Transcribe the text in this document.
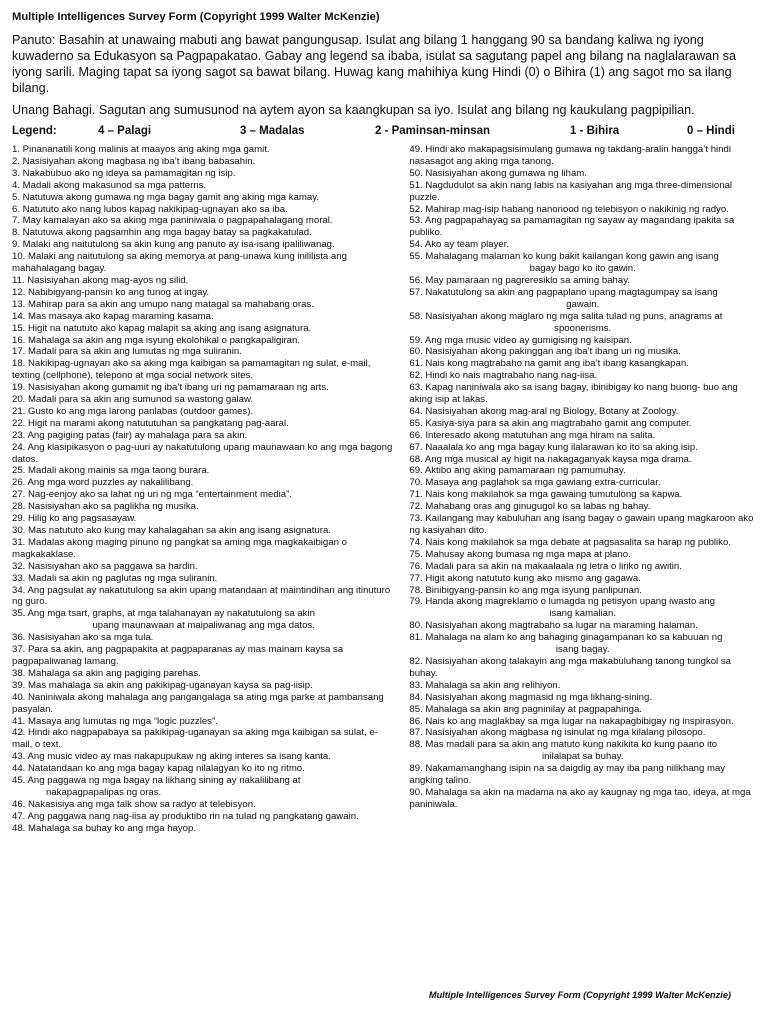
Multiple Intelligences Survey Form (Copyright 1999 Walter McKenzie)
Panuto: Basahin at unawaing mabuti ang bawat pangungusap. Isulat ang bilang 1 hanggang 90 sa bandang kaliwa ng iyong kuwaderno sa Edukasyon sa Pagpapakatao. Gabay ang legend sa ibaba, isulat sa sagutang papel ang bilang na naglalarawan sa iyong sarili. Maging tapat sa iyong sagot sa bawat bilang. Huwag kang mahihiya kung Hindi (0) o Bihira (1) ang sagot mo sa ilang bilang.
Unang Bahagi. Sagutan ang sumusunod na aytem ayon sa kaangkupan sa iyo. Isulat ang bilang ng kaukulang pagpipilian.
Legend:	4 – Palagi	3 – Madalas	2 - Paminsan-minsan	1 - Bihira	0 – Hindi
1. Pinananatili kong malinis at maayos ang aking mga gamit.
2. Nasisiyahan akong magbasa ng iba’t ibang babasahin.
3. Nakabubuo ako ng ideya sa pamamagitan ng isip.
4. Madali akong makasunod sa mga patterns.
5. Natutuwa akong gumawa ng mga bagay gamit ang aking mga kamay.
6. Natututo ako nang lubos kapag nakikipag-ugnayan ako sa iba.
7. May kamalayan ako sa aking mga paniniwala o pagpapahalagang moral.
8. Natutuwa akong pagsamhin ang mga bagay batay sa pagkakatulad.
9. Malaki ang naitutulong sa akin kung ang panuto ay isa-isang ipaliliwanag.
10. Malaki ang naitutulong sa aking memorya at pang-unawa kung inililista ang mahahalagang bagay.
11. Nasisiyahan akong mag-ayos ng silid.
12. Nabibigyang-pansin ko ang tunog at ingay.
13. Mahirap para sa akin ang umupo nang matagal sa mahabang oras.
14. Mas masaya ako kapag maraming kasama.
15. Higit na natututo ako kapag malapit sa aking ang isang asignatura.
16. Mahalaga sa akin ang mga isyung ekolohikal o pangkapaligiran.
17. Madali para sa akin ang lumutas ng mga suliranin.
18. Nakikipag-ugnayan ako sa aking mga kaibigan sa pamamagitan ng sulat, e-mail, texting (cellphone), telepono at mga social network sites.
19. Nasisiyahan akong gumamit ng iba’t ibang uri ng pamamaraan ng arts.
20. Madali para sa akin ang sumunod sa wastong galaw.
21. Gusto ko ang mga larong panlabas (outdoor games).
22. Higit na marami akong natututuhan sa pangkatang pag-aaral.
23. Ang pagiging patas (fair) ay mahalaga para sa akin.
24. Ang klasipikasyon o pag-uuri ay nakatutulong upang maunawaan ko ang mga bagong datos.
25. Madali akong mainis sa mga taong burara.
26. Ang mga word puzzles ay nakalilibang.
27. Nag-eenjoy ako sa lahat ng uri ng mga “entertainment media”.
28. Nasisiyahan ako sa paglikha ng musika.
29. Hilig ko ang pagsasayaw.
30. Mas natututo ako kung may kahalagahan sa akin ang isang asignatura.
31. Madalas akong maging pinuno ng pangkat sa aming mga magkakaibigan o magkakaklase.
32. Nasisiyahan ako sa paggawa sa hardin.
33. Madali sa akin ng paglutas ng mga suliranin.
34. Ang pagsulat ay nakatutulong sa akin upang matandaan at maintindihan ang itinuturo ng guro.
35. Ang mga tsart, graphs, at mga talahanayan ay nakatutulong sa akin
upang maunawaan at maipaliwanag ang mga datos.
36. Nasisiyahan ako sa mga tula.
37. Para sa akin, ang pagpapakita at pagpaparanas ay mas mainam kaysa sa pagpapaliwanag lamang.
38. Mahalaga sa akin ang pagiging parehas.
39. Mas mahalaga sa akin ang pakikipag-uganayan kaysa sa pag-iisip.
40. Naniniwala akong mahalaga ang pangangalaga sa ating mga parke at pambansang pasyalan.
41. Masaya ang lumutas ng mga “logic puzzles”.
42. Hindi ako nagpapabaya sa pakikipag-uganayan sa aking mga kaibigan sa sulat, e-mail, o text.
43. Ang music video ay mas nakapupukaw ng aking interes sa isang kanta.
44. Natatandaan ko ang mga bagay kapag nilalagyan ko ito ng ritmo.
45. Ang paggawa ng mga bagay na likhang sining ay nakalilibang at
nakapagpapalipas ng oras.
46. Nakasisiya ang mga talk show sa radyo at telebisyon.
47. Ang paggawa nang nag-iisa ay produktibo rin na tulad ng pangkatang gawain.
48. Mahalaga sa buhay ko ang mga hayop.
49. Hindi ako makapagsisimulang gumawa ng takdang-aralin hangga’t hindi nasasagot ang aking mga tanong.
50. Nasisiyahan akong gumawa ng liham.
51. Nagdudulot sa akin nang labis na kasiyahan ang mga three-dimensional puzzle.
52. Mahirap mag-isip habang nanonood ng telebisyon o nakikinig ng radyo.
53. Ang pagpapahayag sa pamamagitan ng sayaw ay magandang ipakita sa publiko.
54. Ako ay team player.
55. Mahalagang malaman ko kung bakit kailangan kong gawin ang isang
bagay bago ko ito gawin.
56. May pamaraan ng pagreresiklo sa aming bahay.
57. Nakatutulong sa akin ang pagpaplano upang magtagumpay sa isang
gawain.
58. Nasisiyahan akong maglaro ng mga salita tulad ng puns, anagrams at
spoonerisms.
59. Ang mga music video ay gumigising ng kaisipan.
60. Nasisiyahan akong pakinggan ang iba’t ibang uri ng musika.
61. Nais kong magtrabaho na gamit ang iba’t ibang kasangkapan.
62. Hindi ko nais magtrabaho nang nag-iisa.
63. Kapag naniniwala ako sa isang bagay, ibinibigay ko nang buong- buo ang aking isip at lakas.
64. Nasisiyahan akong mag-aral ng Biology, Botany at Zoology.
65. Kasiya-siya para sa akin ang magtrabaho gamit ang computer.
66. Interesado akong matutuhan ang mga hiram na salita.
67. Naaalala ko ang mga bagay kung ilalarawan ko ito sa aking isip.
68. Ang mga musical ay higit na nakagaganyak kaysa mga drama.
69. Aktibo ang aking pamamaraan ng pamumuhay.
70. Masaya ang paglahok sa mga gawiang extra-curricular.
71. Nais kong makilahok sa mga gawaing tumutulong sa kapwa.
72. Mahabang oras ang ginugugol ko sa labas ng bahay.
73. Kailangang may kabuluhan ang isang bagay o gawain upang magkaroon ako ng kasiyahan dito.
74. Nais kong makilahok sa mga debate at pagsasalita sa harap ng publiko.
75. Mahusay akong bumasa ng mga mapa at plano.
76. Madali para sa akin na makaalaala ng letra o liriko ng awitin.
77. Higit akong natututo kung ako mismo ang gagawa.
78. Binibigyang-pansin ko ang mga isyung panlipunan.
79. Handa akong magreklamo o lumagda ng petisyon upang iwasto ang
isang kamalian.
80. Nasisiyahan akong magtrabaho sa lugar na maraming halaman.
81. Mahalaga na alam ko ang bahaging ginagampanan ko sa kabuuan ng
isang bagay.
82. Nasisiyahan akong talakayin ang mga makabuluhang tanong tungkol sa buhay.
83. Mahalaga sa akin ang relihiyon.
84. Nasisiyahan akong magmasid ng mga likhang-sining.
85. Mahalaga sa akin ang pagninilay at pagpapahinga.
86. Nais ko ang maglakbay sa mga lugar na nakapagbibigay ng inspirasyon.
87. Nasisiyahan akong magbasa ng isinulat ng mga kilalang pilosopo.
88. Mas madali para sa akin ang matuto kung nakikita ko kung paano ito
inilalapat sa buhay.
89. Nakamamanghang isipin na sa daigdig ay may iba pang nilikhang may angking talino.
90. Mahalaga sa akin na madama na ako ay kaugnay ng mga tao, ideya, at mga paniniwala.
Multiple Intelligences Survey Form (Copyright 1999 Walter McKenzie)
